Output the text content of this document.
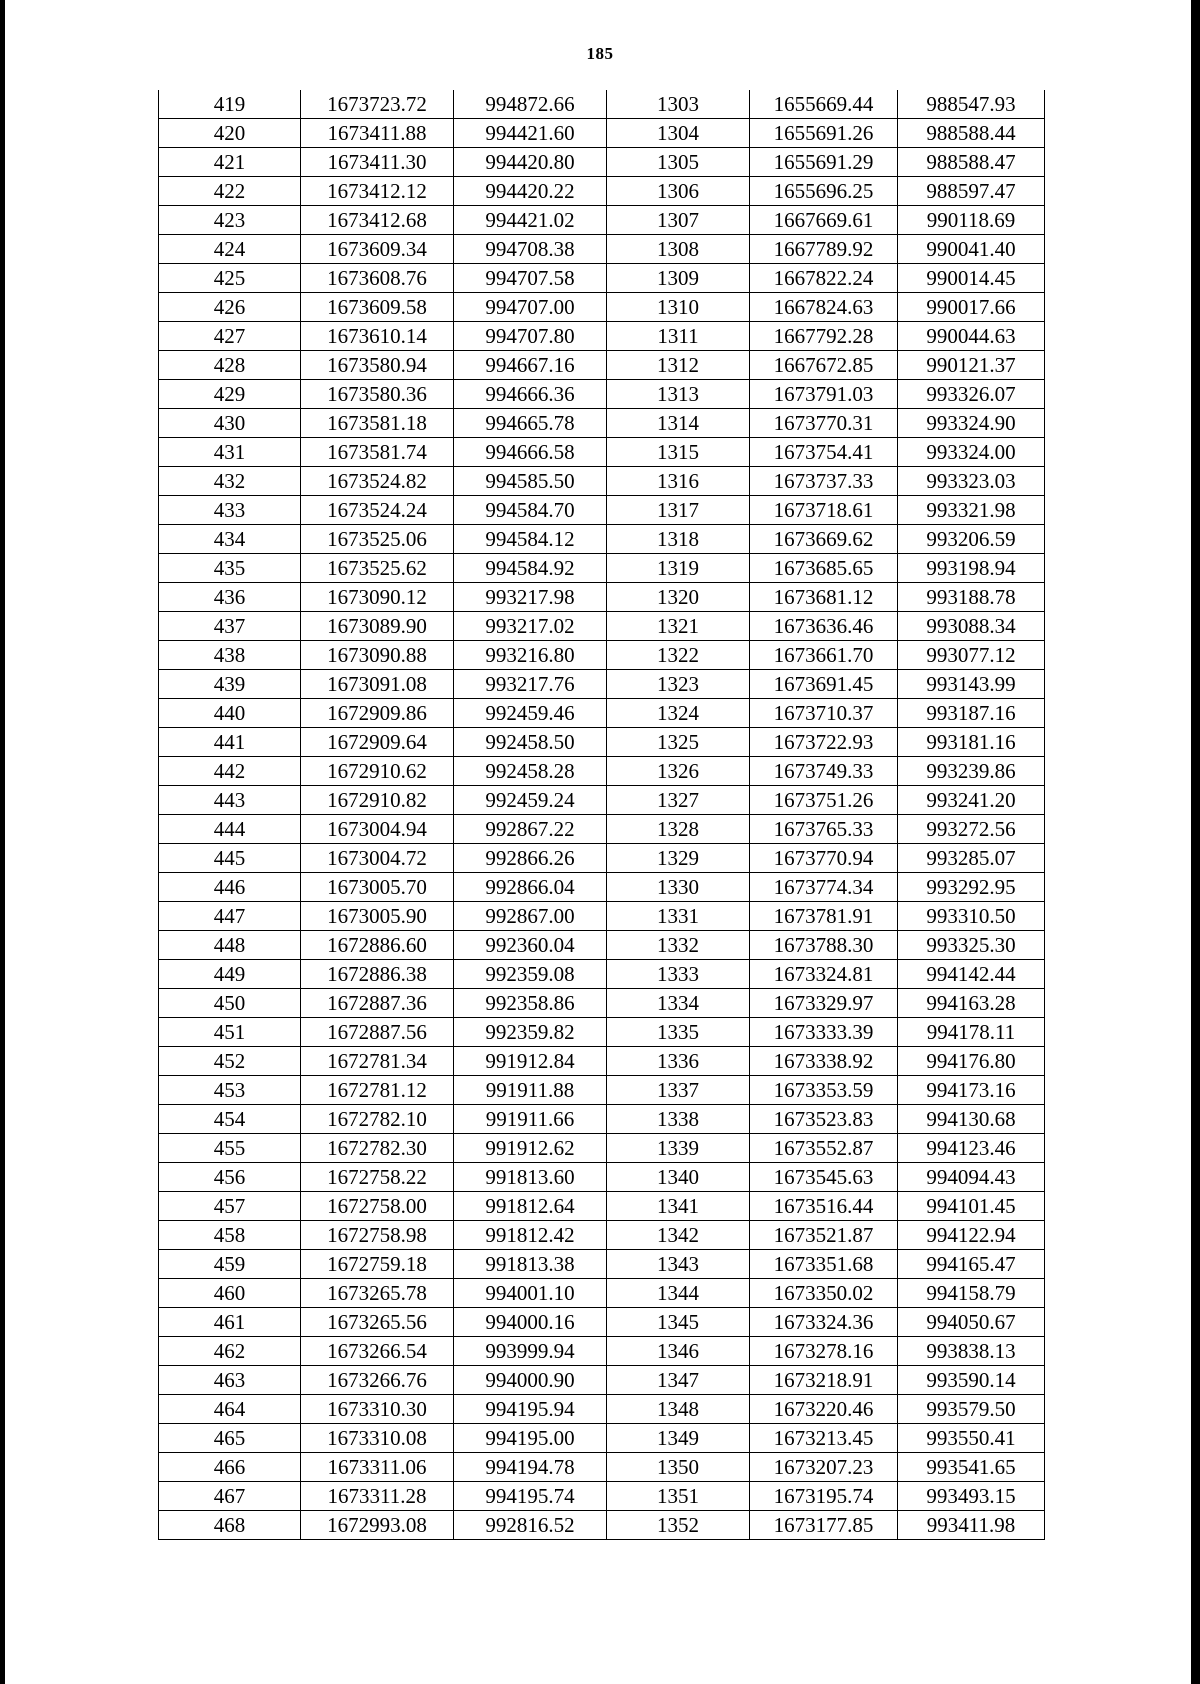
185
419	1673723.72	994872.66	1303	1655669.44	988547.93
420	1673411.88	994421.60	1304	1655691.26	988588.44
421	1673411.30	994420.80	1305	1655691.29	988588.47
422	1673412.12	994420.22	1306	1655696.25	988597.47
423	1673412.68	994421.02	1307	1667669.61	990118.69
424	1673609.34	994708.38	1308	1667789.92	990041.40
425	1673608.76	994707.58	1309	1667822.24	990014.45
426	1673609.58	994707.00	1310	1667824.63	990017.66
427	1673610.14	994707.80	1311	1667792.28	990044.63
428	1673580.94	994667.16	1312	1667672.85	990121.37
429	1673580.36	994666.36	1313	1673791.03	993326.07
430	1673581.18	994665.78	1314	1673770.31	993324.90
431	1673581.74	994666.58	1315	1673754.41	993324.00
432	1673524.82	994585.50	1316	1673737.33	993323.03
433	1673524.24	994584.70	1317	1673718.61	993321.98
434	1673525.06	994584.12	1318	1673669.62	993206.59
435	1673525.62	994584.92	1319	1673685.65	993198.94
436	1673090.12	993217.98	1320	1673681.12	993188.78
437	1673089.90	993217.02	1321	1673636.46	993088.34
438	1673090.88	993216.80	1322	1673661.70	993077.12
439	1673091.08	993217.76	1323	1673691.45	993143.99
440	1672909.86	992459.46	1324	1673710.37	993187.16
441	1672909.64	992458.50	1325	1673722.93	993181.16
442	1672910.62	992458.28	1326	1673749.33	993239.86
443	1672910.82	992459.24	1327	1673751.26	993241.20
444	1673004.94	992867.22	1328	1673765.33	993272.56
445	1673004.72	992866.26	1329	1673770.94	993285.07
446	1673005.70	992866.04	1330	1673774.34	993292.95
447	1673005.90	992867.00	1331	1673781.91	993310.50
448	1672886.60	992360.04	1332	1673788.30	993325.30
449	1672886.38	992359.08	1333	1673324.81	994142.44
450	1672887.36	992358.86	1334	1673329.97	994163.28
451	1672887.56	992359.82	1335	1673333.39	994178.11
452	1672781.34	991912.84	1336	1673338.92	994176.80
453	1672781.12	991911.88	1337	1673353.59	994173.16
454	1672782.10	991911.66	1338	1673523.83	994130.68
455	1672782.30	991912.62	1339	1673552.87	994123.46
456	1672758.22	991813.60	1340	1673545.63	994094.43
457	1672758.00	991812.64	1341	1673516.44	994101.45
458	1672758.98	991812.42	1342	1673521.87	994122.94
459	1672759.18	991813.38	1343	1673351.68	994165.47
460	1673265.78	994001.10	1344	1673350.02	994158.79
461	1673265.56	994000.16	1345	1673324.36	994050.67
462	1673266.54	993999.94	1346	1673278.16	993838.13
463	1673266.76	994000.90	1347	1673218.91	993590.14
464	1673310.30	994195.94	1348	1673220.46	993579.50
465	1673310.08	994195.00	1349	1673213.45	993550.41
466	1673311.06	994194.78	1350	1673207.23	993541.65
467	1673311.28	994195.74	1351	1673195.74	993493.15
468	1672993.08	992816.52	1352	1673177.85	993411.98
